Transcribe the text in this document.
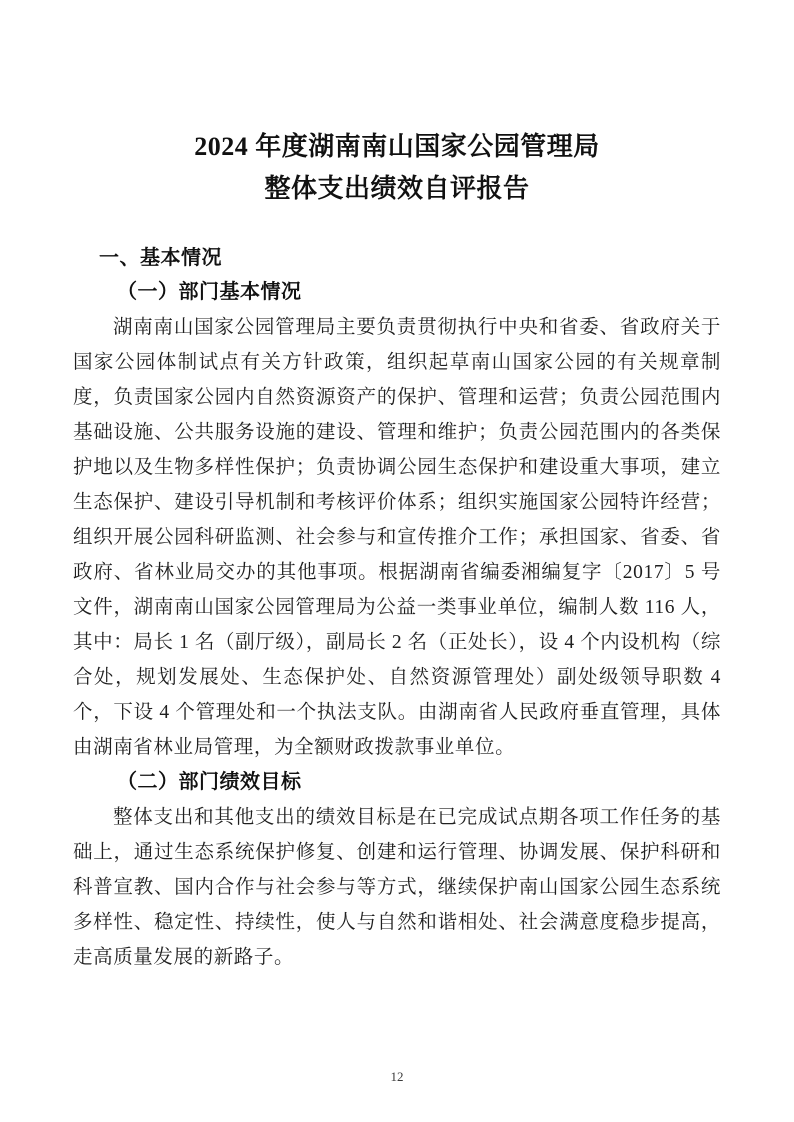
2024 年度湖南南山国家公园管理局
整体支出绩效自评报告
一、基本情况
（一）部门基本情况

湖南南山国家公园管理局主要负责贯彻执行中央和省委、省政府关于国家公园体制试点有关方针政策，组织起草南山国家公园的有关规章制度，负责国家公园内自然资源资产的保护、管理和运营；负责公园范围内基础设施、公共服务设施的建设、管理和维护；负责公园范围内的各类保护地以及生物多样性保护；负责协调公园生态保护和建设重大事项，建立生态保护、建设引导机制和考核评价体系；组织实施国家公园特许经营；组织开展公园科研监测、社会参与和宣传推介工作；承担国家、省委、省政府、省林业局交办的其他事项。根据湖南省编委湘编复字〔2017〕5 号文件，湖南南山国家公园管理局为公益一类事业单位，编制人数 116 人，其中：局长 1 名（副厅级），副局长 2 名（正处长），设 4 个内设机构（综合处，规划发展处、生态保护处、自然资源管理处）副处级领导职数 4 个，下设 4 个管理处和一个执法支队。由湖南省人民政府垂直管理，具体由湖南省林业局管理，为全额财政拨款事业单位。

（二）部门绩效目标

整体支出和其他支出的绩效目标是在已完成试点期各项工作任务的基础上，通过生态系统保护修复、创建和运行管理、协调发展、保护科研和科普宣教、国内合作与社会参与等方式，继续保护南山国家公园生态系统多样性、稳定性、持续性，使人与自然和谐相处、社会满意度稳步提高，走高质量发展的新路子。

12
